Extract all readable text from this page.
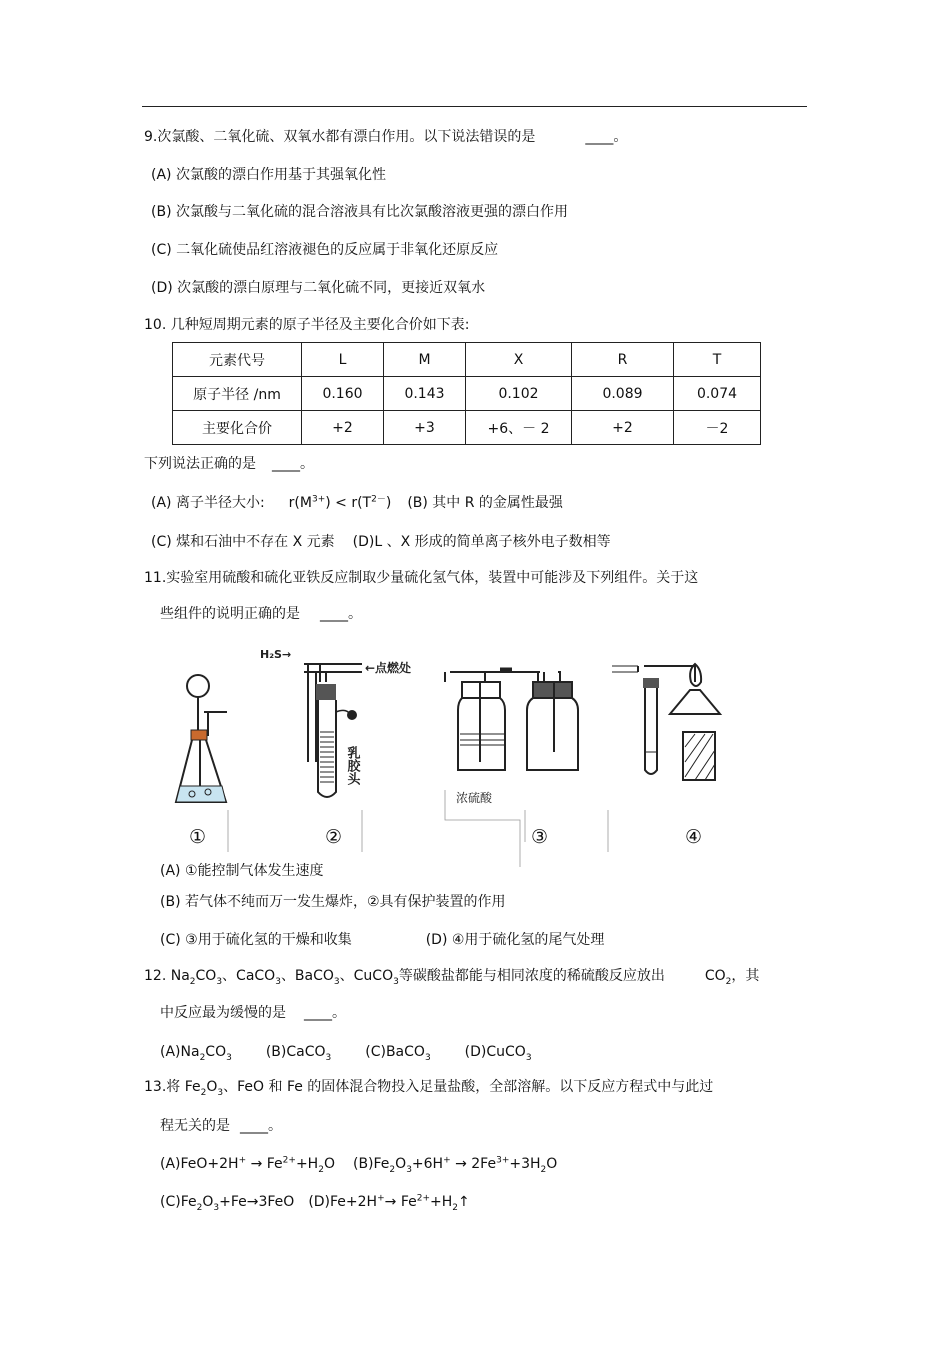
9.次氯酸、二氧化硫、双氧水都有漂白作用。以下说法错误的是	____。
(A) 次氯酸的漂白作用基于其强氧化性
(B) 次氯酸与二氧化硫的混合溶液具有比次氯酸溶液更强的漂白作用
(C) 二氧化硫使品红溶液褪色的反应属于非氧化还原反应
(D) 次氯酸的漂白原理与二氧化硫不同，更接近双氧水
10. 几种短周期元素的原子半径及主要化合价如下表:
元素代号	L	M	X	R	T
原子半径 /nm	0.160	0.143	0.102	0.089	0.074
主要化合价	+2	+3	+6、－ 2	+2	－2
下列说法正确的是 ____。
(A) 离子半径大小: $r(M^{3+}) < r(T^{2-})$ (B) 其中 R 的金属性最强
(C) 煤和石油中不存在 X 元素 (D)L 、X 形成的简单离子核外电子数相等
11.实验室用硫酸和硫化亚铁反应制取少量硫化氢气体，装置中可能涉及下列组件。关于这
些组件的说明正确的是 ____。
H₂S→
←点燃处
乳胶头
浓硫酸
①	②	③	④
(A) ①能控制气体发生速度
(B) 若气体不纯而万一发生爆炸，②具有保护装置的作用
(C) ③用于硫化氢的干燥和收集	(D) ④用于硫化氢的尾气处理
12. $Na_2CO_3$、CaCO$_3$、BaCO$_3$、CuCO$_3$等碳酸盐都能与相同浓度的稀硫酸反应放出	$CO_2$，其
中反应最为缓慢的是 ____。
$(A)Na_2CO_3$ (B)CaCO$_3$ (C)BaCO$_3$ (D)CuCO$_3$
13.将 $Fe_2O_3$、FeO 和 Fe 的固体混合物投入足量盐酸，全部溶解。以下反应方程式中与此过
程无关的是 ____。
$(A)FeO+2H^+ \to Fe^{2+}+H_2O$ $(B)Fe_2O_3+6H^+ \to 2Fe^{3+}+3H_2O$
$(C)Fe_2O_3+Fe\to 3FeO$ $(D)Fe+2H^+\to Fe^{2+}+H_2↑$
